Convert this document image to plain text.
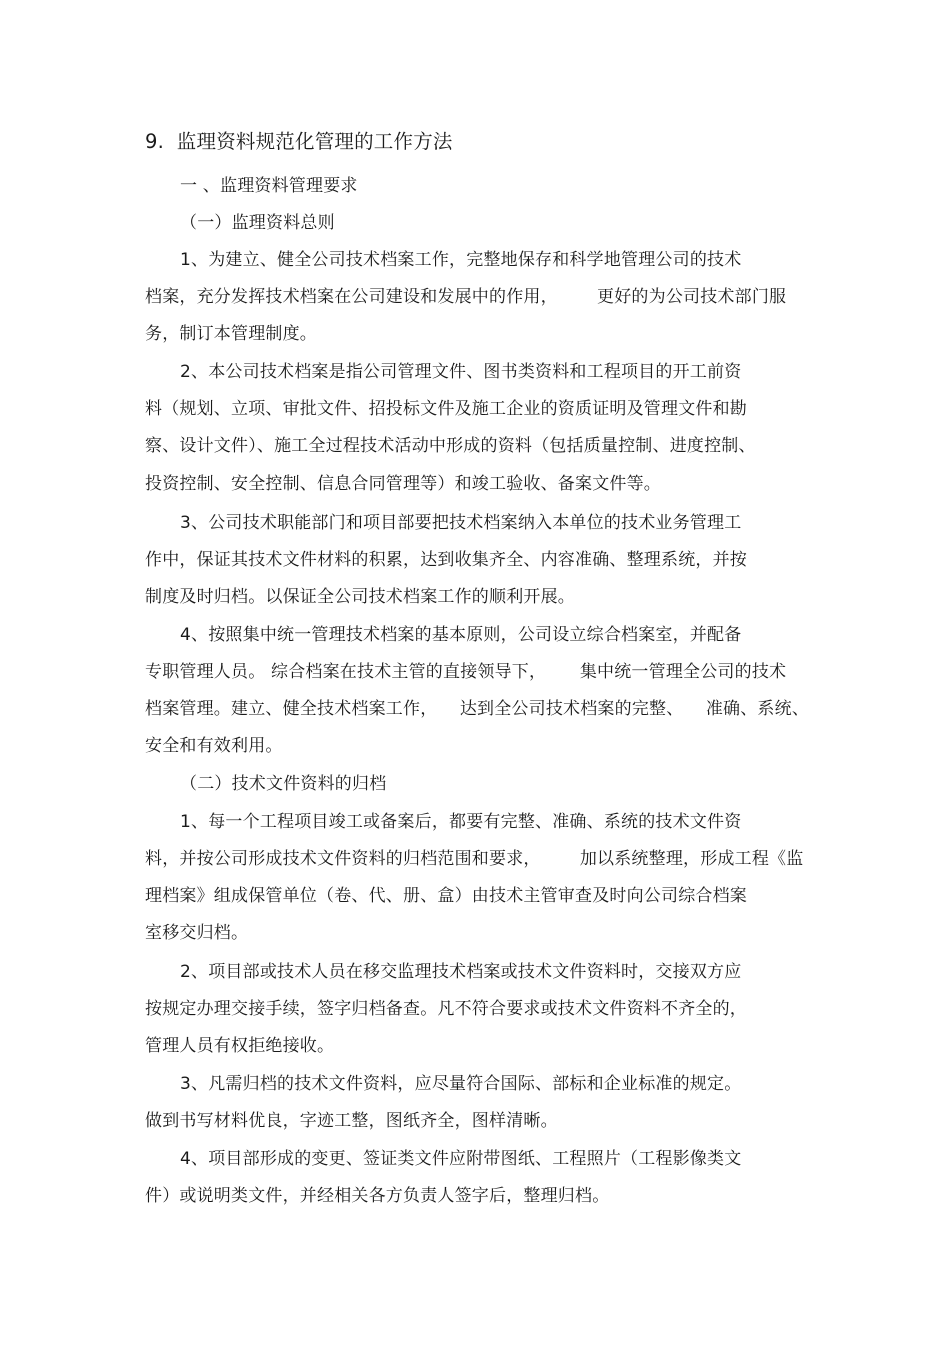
9.  监理资料规范化管理的工作方法
一 、监理资料管理要求
（一）监理资料总则
1、为建立、健全公司技术档案工作，完整地保存和科学地管理公司的技术
档案，充分发挥技术档案在公司建设和发展中的作用，       更好的为公司技术部门服
务，制订本管理制度。
2、本公司技术档案是指公司管理文件、图书类资料和工程项目的开工前资
料（规划、立项、审批文件、招投标文件及施工企业的资质证明及管理文件和勘
察、设计文件）、施工全过程技术活动中形成的资料（包括质量控制、进度控制、
投资控制、安全控制、信息合同管理等）和竣工验收、备案文件等。
3、公司技术职能部门和项目部要把技术档案纳入本单位的技术业务管理工
作中，保证其技术文件材料的积累，达到收集齐全、内容准确、整理系统，并按
制度及时归档。以保证全公司技术档案工作的顺利开展。
4、按照集中统一管理技术档案的基本原则，公司设立综合档案室，并配备
专职管理人员。 综合档案在技术主管的直接领导下，      集中统一管理全公司的技术
档案管理。建立、健全技术档案工作，    达到全公司技术档案的完整、    准确、系统、
安全和有效利用。
（二）技术文件资料的归档
1、每一个工程项目竣工或备案后，都要有完整、准确、系统的技术文件资
料，并按公司形成技术文件资料的归档范围和要求，       加以系统整理，形成工程《监
理档案》组成保管单位（卷、代、册、盒）由技术主管审查及时向公司综合档案
室移交归档。
2、项目部或技术人员在移交监理技术档案或技术文件资料时，交接双方应
按规定办理交接手续，签字归档备查。凡不符合要求或技术文件资料不齐全的，
管理人员有权拒绝接收。
3、凡需归档的技术文件资料，应尽量符合国际、部标和企业标准的规定。
做到书写材料优良，字迹工整，图纸齐全，图样清晰。
4、项目部形成的变更、签证类文件应附带图纸、工程照片（工程影像类文
件）或说明类文件，并经相关各方负责人签字后，整理归档。
